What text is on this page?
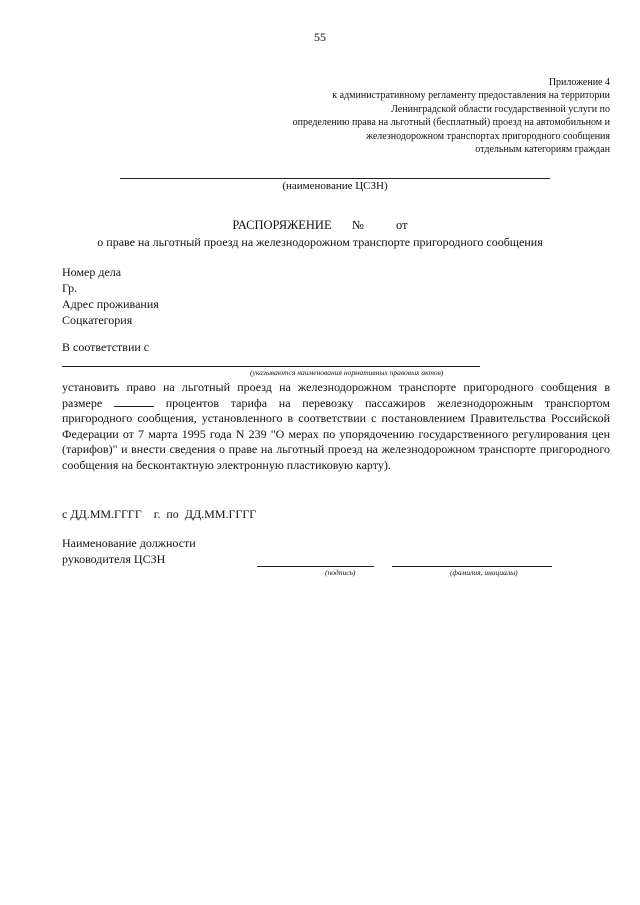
55
Приложение 4
к административному регламенту предоставления на территории
Ленинградской области государственной услуги по
определению права на льготный (бесплатный) проезд на автомобильном и
железнодорожном транспортах пригородного сообщения
отдельным категориям граждан
(наименование ЦСЗН)
РАСПОРЯЖЕНИЕ №	от
о праве на льготный проезд на железнодорожном транспорте пригородного сообщения
Номер дела
Гр.
Адрес проживания
Соцкатегория
В соответствии с
(указываются наименования нормативных правовых актов)
установить право на льготный проезд на железнодорожном транспорте пригородного сообщения в размере	процентов тарифа на перевозку пассажиров железнодорожным транспортом пригородного сообщения, установленного в соответствии с постановлением Правительства Российской Федерации от 7 марта 1995 года N 239 "О мерах по упорядочению государственного регулирования цен (тарифов)" и внести сведения о праве на льготный проезд на железнодорожном транспорте пригородного сообщения на бесконтактную электронную пластиковую карту).
с ДД.ММ.ГГГГ    г.  по  ДД.ММ.ГГГГ
Наименование должности
руководителя ЦСЗН
(подпись)	(фамилия, инициалы)
